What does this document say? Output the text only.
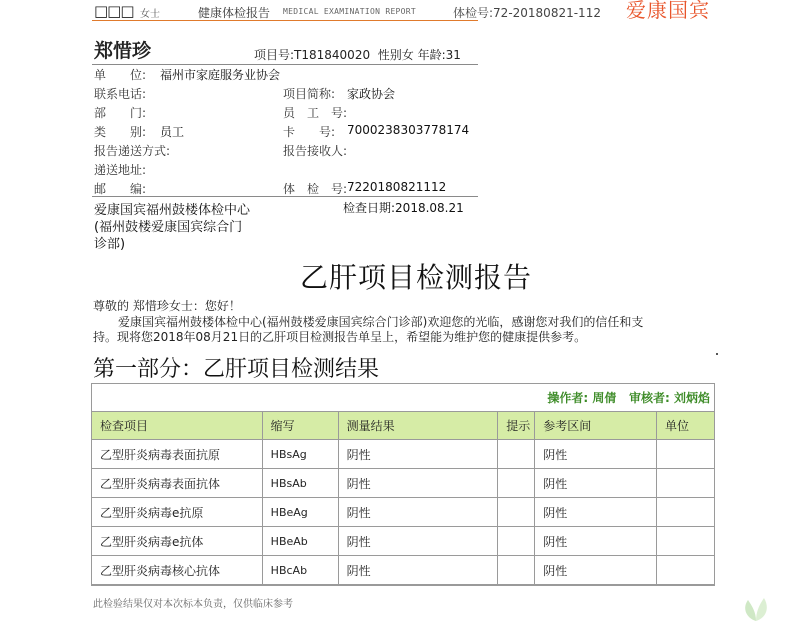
□□□ 女士	健康体检报告 MEDICAL EXAMINATION REPORT	体检号:72-20180821-112 爱康国宾
郑惜珍	项目号:T181840020 性别女 年龄:31
单　　位: 福州市家庭服务业协会
联系电话:	项目简称: 家政协会
部　　门:	员　工　号:
类　　别: 员工	卡　　号: 7000238303778174
报告递送方式:	报告接收人:
递送地址:
邮　　编:	体　检　号: 7220180821112
爱康国宾福州鼓楼体检中心
(福州鼓楼爱康国宾综合门
诊部)
检查日期:2018.08.21
乙肝项目检测报告
尊敬的 郑惜珍女士：您好！
爱康国宾福州鼓楼体检中心(福州鼓楼爱康国宾综合门诊部)欢迎您的光临，感谢您对我们的信任和支
持。现将您2018年08月21日的乙肝项目检测报告单呈上，希望能为维护您的健康提供参考。
第一部分：乙肝项目检测结果
操作者: 周倩 审核者: 刘炳焰
检查项目	缩写	测量结果	提示	参考区间	单位
乙型肝炎病毒表面抗原	HBsAg	阴性		阴性	
乙型肝炎病毒表面抗体	HBsAb	阴性		阴性	
乙型肝炎病毒e抗原	HBeAg	阴性		阴性	
乙型肝炎病毒e抗体	HBeAb	阴性		阴性	
乙型肝炎病毒核心抗体	HBcAb	阴性		阴性	
此检验结果仅对本次标本负责，仅供临床参考
